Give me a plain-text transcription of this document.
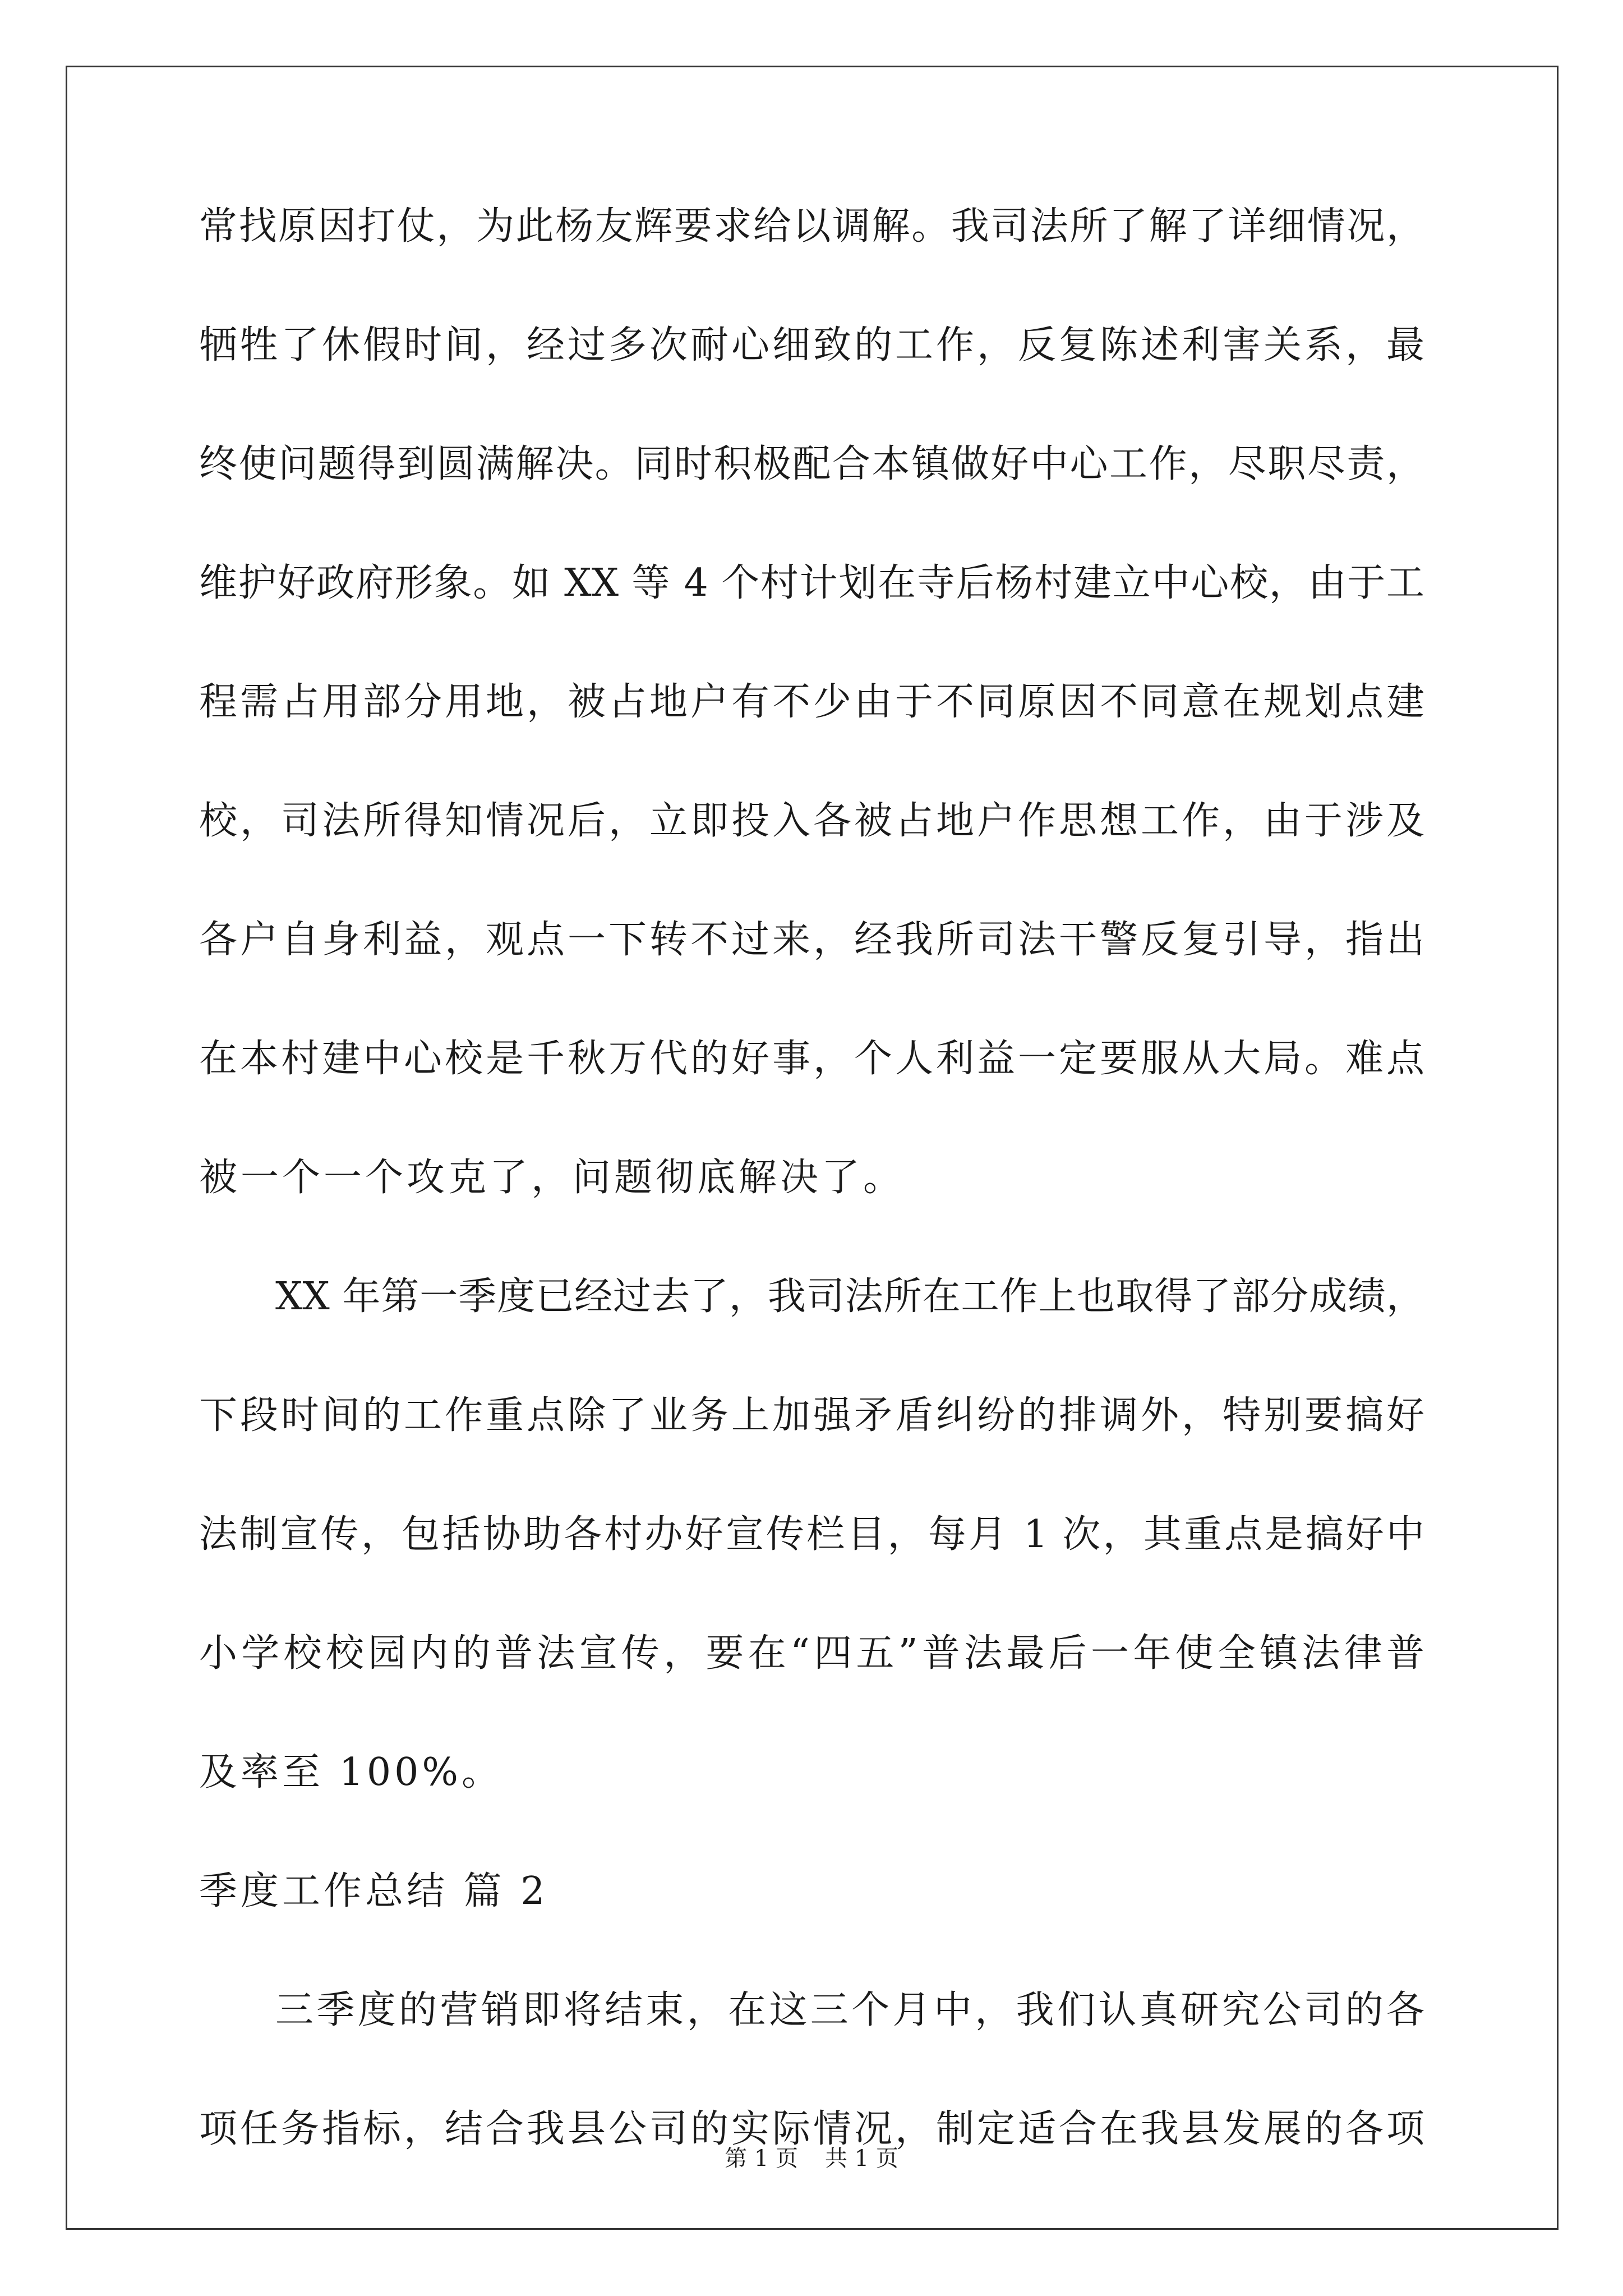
常找原因打仗，为此杨友辉要求给以调解。我司法所了解了详细情况，
牺牲了休假时间，经过多次耐心细致的工作，反复陈述利害关系，最
终使问题得到圆满解决。同时积极配合本镇做好中心工作，尽职尽责，
维护好政府形象。如 XX 等 4 个村计划在寺后杨村建立中心校，由于工
程需占用部分用地，被占地户有不少由于不同原因不同意在规划点建
校，司法所得知情况后，立即投入各被占地户作思想工作，由于涉及
各户自身利益，观点一下转不过来，经我所司法干警反复引导，指出
在本村建中心校是千秋万代的好事，个人利益一定要服从大局。难点
被一个一个攻克了，问题彻底解决了。
XX 年第一季度已经过去了，我司法所在工作上也取得了部分成绩，
下段时间的工作重点除了业务上加强矛盾纠纷的排调外，特别要搞好
法制宣传，包括协助各村办好宣传栏目，每月 1 次，其重点是搞好中
小学校校园内的普法宣传，要在“四五”普法最后一年使全镇法律普
及率至 100%。
季度工作总结 篇 2
三季度的营销即将结束，在这三个月中，我们认真研究公司的各
项任务指标，结合我县公司的实际情况，制定适合在我县发展的各项
第 1 页 共 1 页
